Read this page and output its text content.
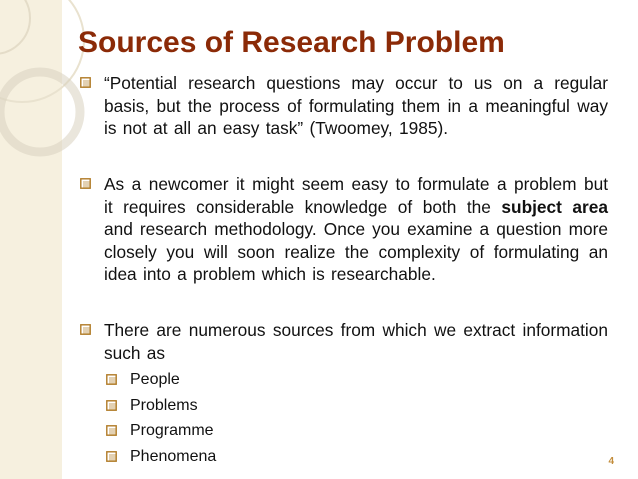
Sources of Research Problem
“Potential research questions may occur to us on a regular basis, but the process of formulating them in a meaningful way is not at all an easy task” (Twoomey, 1985).
As a newcomer it might seem easy to formulate a problem but it requires considerable knowledge of both the subject area and research methodology. Once you examine a question more closely you will soon realize the complexity of formulating an idea into a problem which is researchable.
There are numerous sources from which we extract information such as
People
Problems
Programme
Phenomena	4
